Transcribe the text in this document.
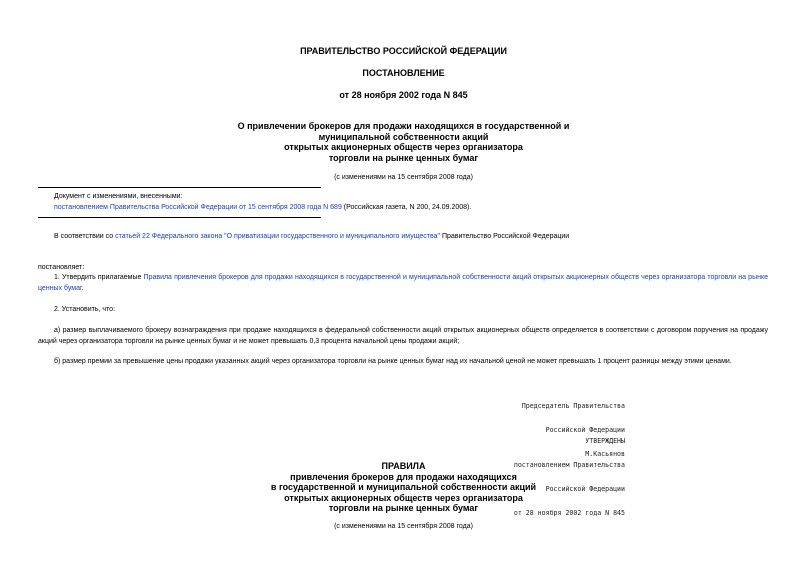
ПРАВИТЕЛЬСТВО РОССИЙСКОЙ ФЕДЕРАЦИИ
ПОСТАНОВЛЕНИЕ
от 28 ноября 2002 года N 845
О привлечении брокеров для продажи находящихся в государственной и
муниципальной собственности акций
открытых акционерных обществ через организатора
торговли на рынке ценных бумаг
(с изменениями на 15 сентября 2008 года)
Документ с изменениями, внесенными:
постановлением Правительства Российской Федерации от 15 сентября 2008 года N 689 (Российская газета, N 200, 24.09.2008).
В соответствии со статьей 22 Федерального закона "О приватизации государственного и муниципального имущества" Правительство Российской Федерации
постановляет:
1. Утвердить прилагаемые Правила привлечения брокеров для продажи находящихся в государственной и муниципальной собственности акций открытых акционерных обществ через организатора торговли на рынке ценных бумаг.
2. Установить, что:
а) размер выплачиваемого брокеру вознаграждения при продаже находящихся в федеральной собственности акций открытых акционерных обществ определяется в соответствии с договором поручения на продажу акций через организатора торговли на рынке ценных бумаг и не может превышать 0,3 процента начальной цены продажи акций;
б) размер премии за превышение цены продажи указанных акций через организатора торговли на рынке ценных бумаг над их начальной ценой не может превышать 1 процент разницы между этими ценами.

Председатель Правительства

Российской Федерации

М.Касьянов

УТВЕРЖДЕНЫ

постановлением Правительства

Российской Федерации

от 28 ноября 2002 года N 845

ПРАВИЛА
привлечения брокеров для продажи находящихся
в государственной и муниципальной собственности акций
открытых акционерных обществ через организатора
торговли на рынке ценных бумаг
(с изменениями на 15 сентября 2008 года)
